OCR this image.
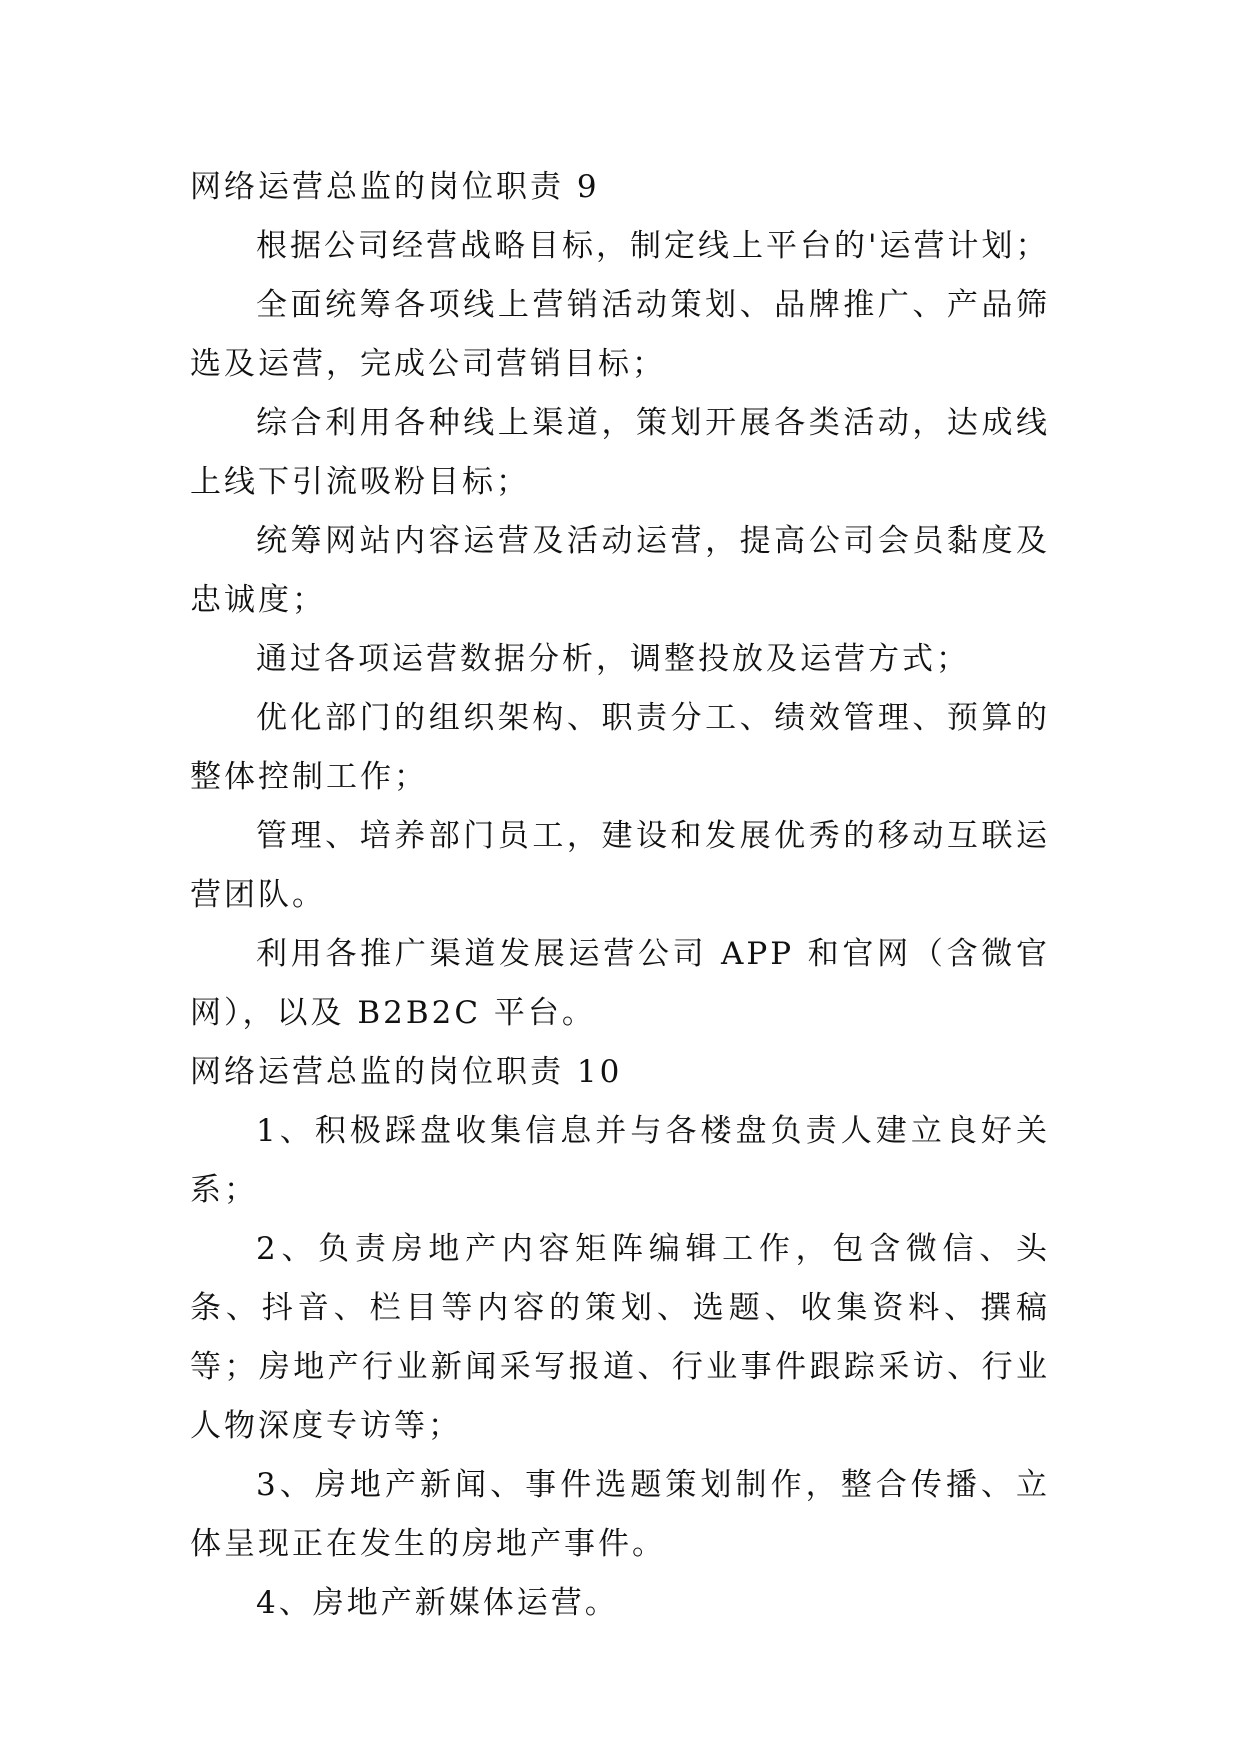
网络运营总监的岗位职责 9

根据公司经营战略目标，制定线上平台的'运营计划；

全面统筹各项线上营销活动策划、品牌推广、产品筛选及运营，完成公司营销目标；

综合利用各种线上渠道，策划开展各类活动，达成线上线下引流吸粉目标；

统筹网站内容运营及活动运营，提高公司会员黏度及忠诚度；

通过各项运营数据分析，调整投放及运营方式；

优化部门的组织架构、职责分工、绩效管理、预算的整体控制工作；

管理、培养部门员工，建设和发展优秀的移动互联运营团队。

利用各推广渠道发展运营公司 APP 和官网（含微官网），以及 B2B2C 平台。

网络运营总监的岗位职责 10

1、积极踩盘收集信息并与各楼盘负责人建立良好关系；

2、负责房地产内容矩阵编辑工作，包含微信、头条、抖音、栏目等内容的策划、选题、收集资料、撰稿等；房地产行业新闻采写报道、行业事件跟踪采访、行业人物深度专访等；

3、房地产新闻、事件选题策划制作，整合传播、立体呈现正在发生的房地产事件。

4、房地产新媒体运营。
